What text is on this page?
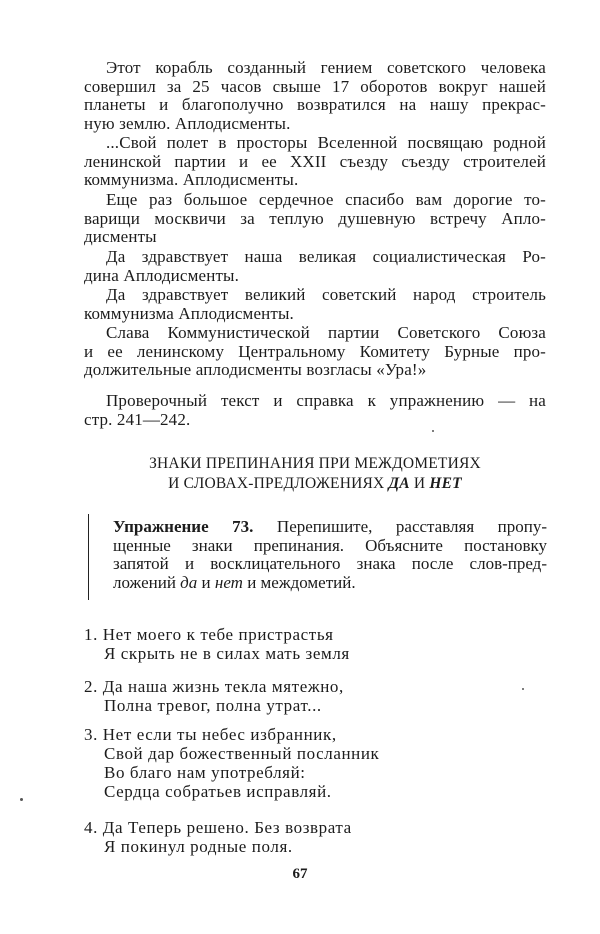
Этот корабль созданный гением советского человека
совершил за 25 часов свыше 17 оборотов вокруг нашей
планеты и благополучно возвратился на нашу прекрас-
ную землю. Аплодисменты.
...Свой полет в просторы Вселенной посвящаю родной
ленинской партии и ее XXII съезду съезду строителей
коммунизма. Аплодисменты.
Еще раз большое сердечное спасибо вам дорогие то-
варищи москвичи за теплую душевную встречу Апло-
дисменты
Да здравствует наша великая социалистическая Ро-
дина Аплодисменты.
Да здравствует великий советский народ строитель
коммунизма Аплодисменты.
Слава Коммунистической партии Советского Союза
и ее ленинскому Центральному Комитету Бурные про-
должительные аплодисменты возгласы «Ура!»
Проверочный текст и справка к упражнению — на
стр. 241—242.
ЗНАКИ ПРЕПИНАНИЯ ПРИ МЕЖДОМЕТИЯХ
И СЛОВАХ-ПРЕДЛОЖЕНИЯХ ДА И НЕТ
Упражнение 73. Перепишите, расставляя пропу-
щенные знаки препинания. Объясните постановку
запятой и восклицательного знака после слов-пред-
ложений да и нет и междометий.
1. Нет моего к тебе пристрастья
Я скрыть не в силах мать земля
2. Да наша жизнь текла мятежно,
Полна тревог, полна утрат...
3. Нет если ты небес избранник,
Свой дар божественный посланник
Во благо нам употребляй:
Сердца собратьев исправляй.
4. Да Теперь решено. Без возврата
Я покинул родные поля.
67
